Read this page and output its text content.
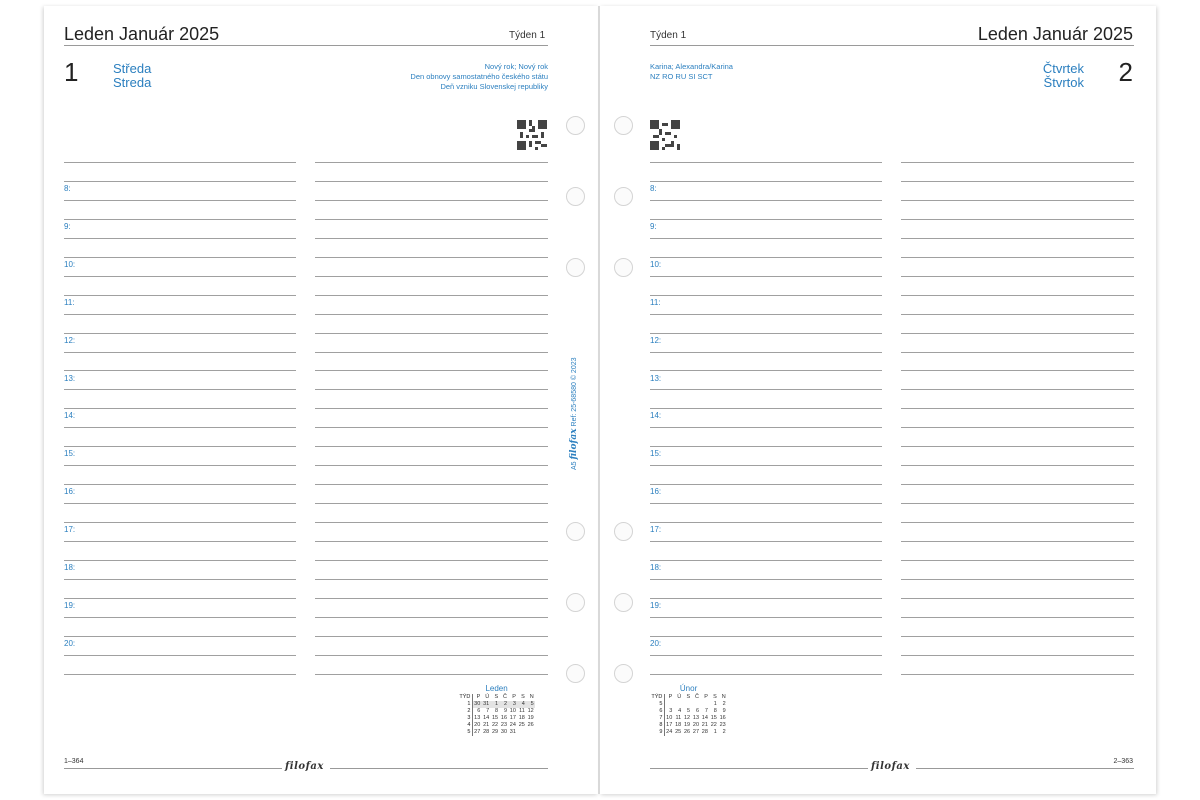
Leden Január 2025	Týden 1
1	Středa
Streda
Nový rok; Nový rok
Den obnovy samostatného českého státu
Deň vzniku Slovenskej republiky
Týden 1	Leden Január 2025
Karina; Alexandra/Karina
NZ RO RU SI SCT
Čtvrtek
Štvrtok 2
8:	8:
9:	9:
10:	10:
11:	11:
12:	12:
13:	13:
14:	14:
15:	15:
16:	16:
17:	17:
18:	18:
19:	19:
20:	20:
A5 filofax Ref: 25-68580 © 2023
Leden
TÝD	P	Ú	S	Č	P	S	N
1	30	31	1	2	3	4	5
2	6	7	8	9	10	11	12
3	13	14	15	16	17	18	19
4	20	21	22	23	24	25	26
5	27	28	29	30	31		
Únor
TÝD	P	Ú	S	Č	P	S	N
5						1	2
6	3	4	5	6	7	8	9
7	10	11	12	13	14	15	16
8	17	18	19	20	21	22	23
9	24	25	26	27	28	1	2
1–364	filofax	filofax	2–363
